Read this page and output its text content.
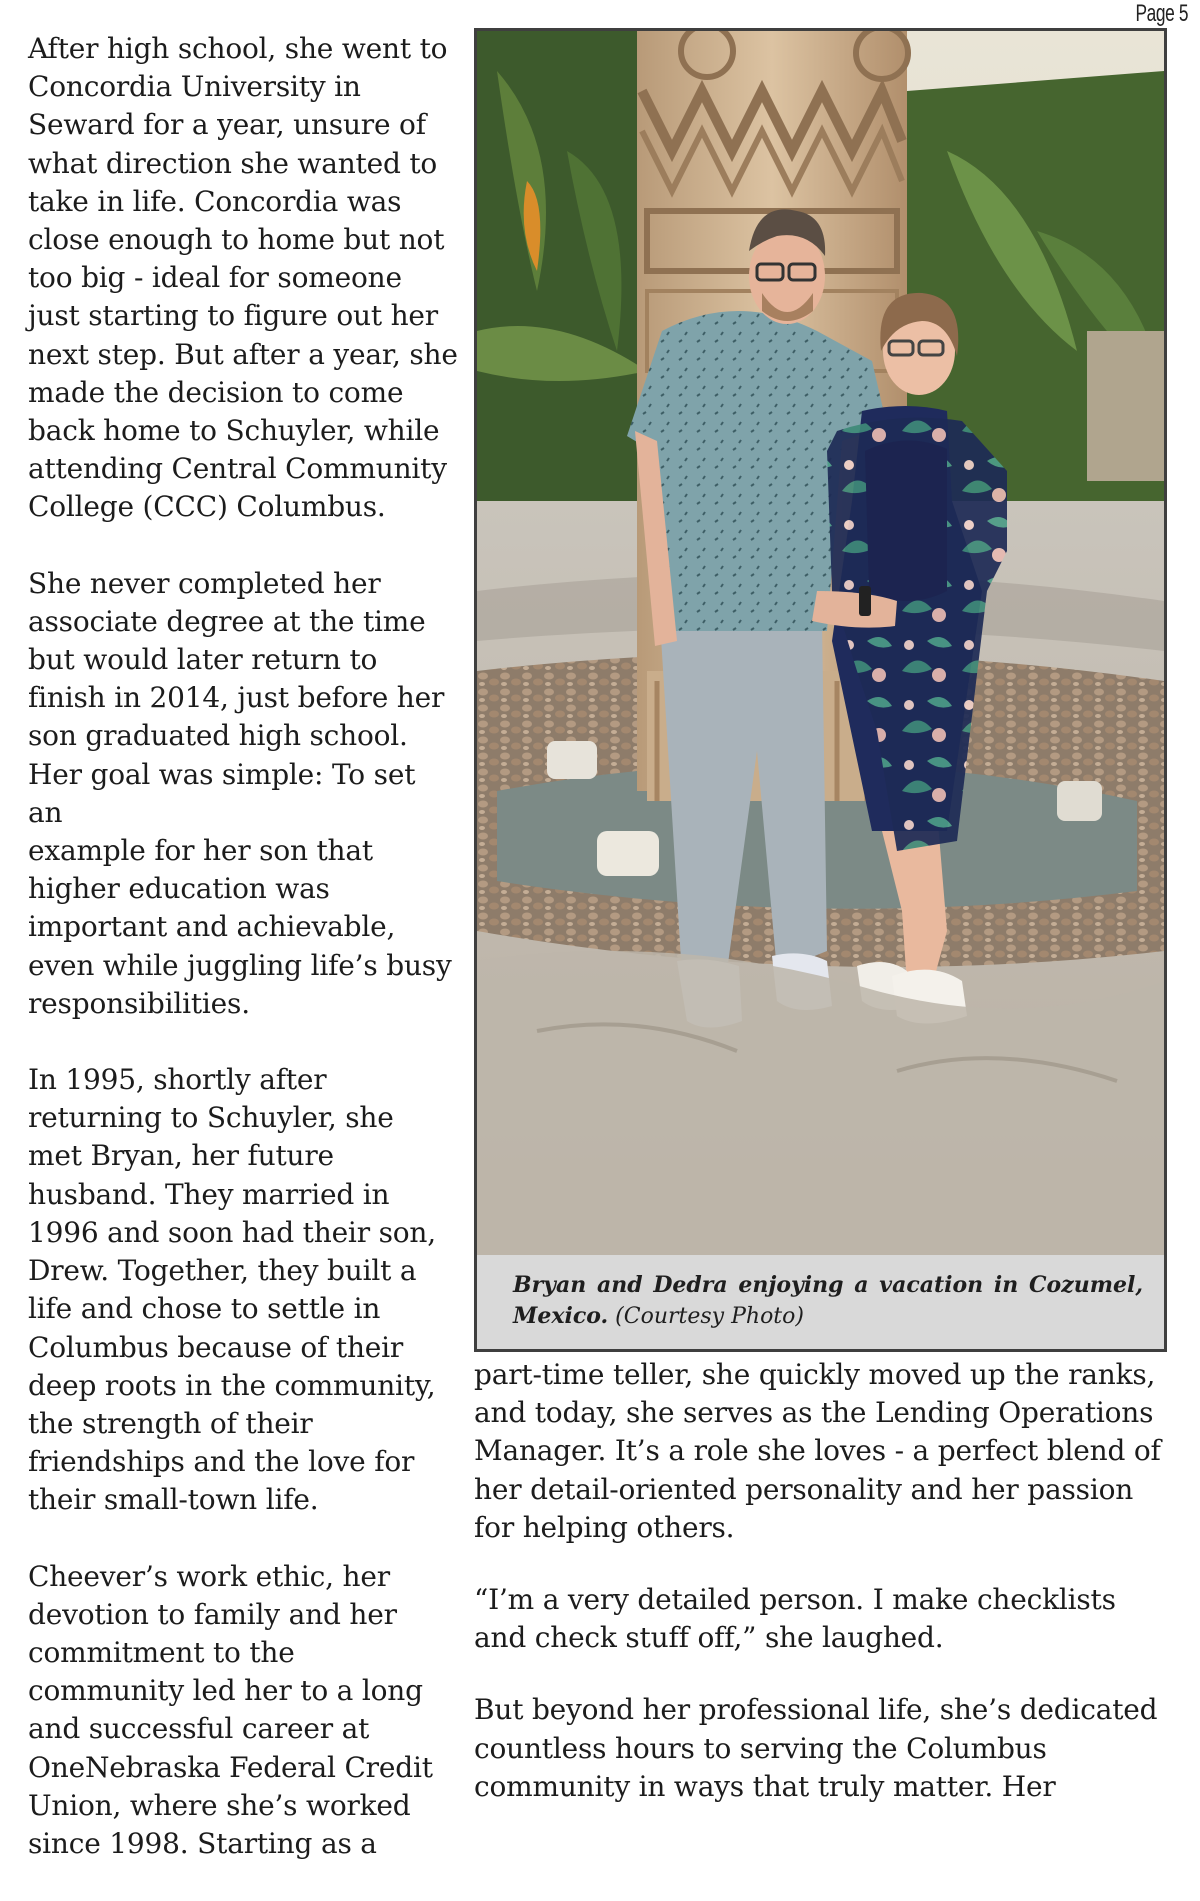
Page 5

After high school, she went to
Concordia University in
Seward for a year, unsure of
what direction she wanted to
take in life. Concordia was
close enough to home but not
too big - ideal for someone
just starting to figure out her
next step. But after a year, she
made the decision to come
back home to Schuyler, while
attending Central Community
College (CCC) Columbus.

She never completed her
associate degree at the time
but would later return to
finish in 2014, just before her
son graduated high school.
Her goal was simple: To set an
example for her son that
higher education was
important and achievable,
even while juggling life’s busy
responsibilities.

In 1995, shortly after
returning to Schuyler, she
met Bryan, her future
husband. They married in
1996 and soon had their son,
Drew. Together, they built a
life and chose to settle in
Columbus because of their
deep roots in the community,
the strength of their
friendships and the love for
their small-town life.

Cheever’s work ethic, her
devotion to family and her
commitment to the
community led her to a long
and successful career at
OneNebraska Federal Credit
Union, where she’s worked
since 1998. Starting as a

Bryan and Dedra enjoying a vacation in Cozumel, Mexico. (Courtesy Photo)

part-time teller, she quickly moved up the ranks,
and today, she serves as the Lending Operations
Manager. It’s a role she loves - a perfect blend of
her detail-oriented personality and her passion
for helping others.

“I’m a very detailed person. I make checklists
and check stuff off,” she laughed.

But beyond her professional life, she’s dedicated
countless hours to serving the Columbus
community in ways that truly matter. Her
